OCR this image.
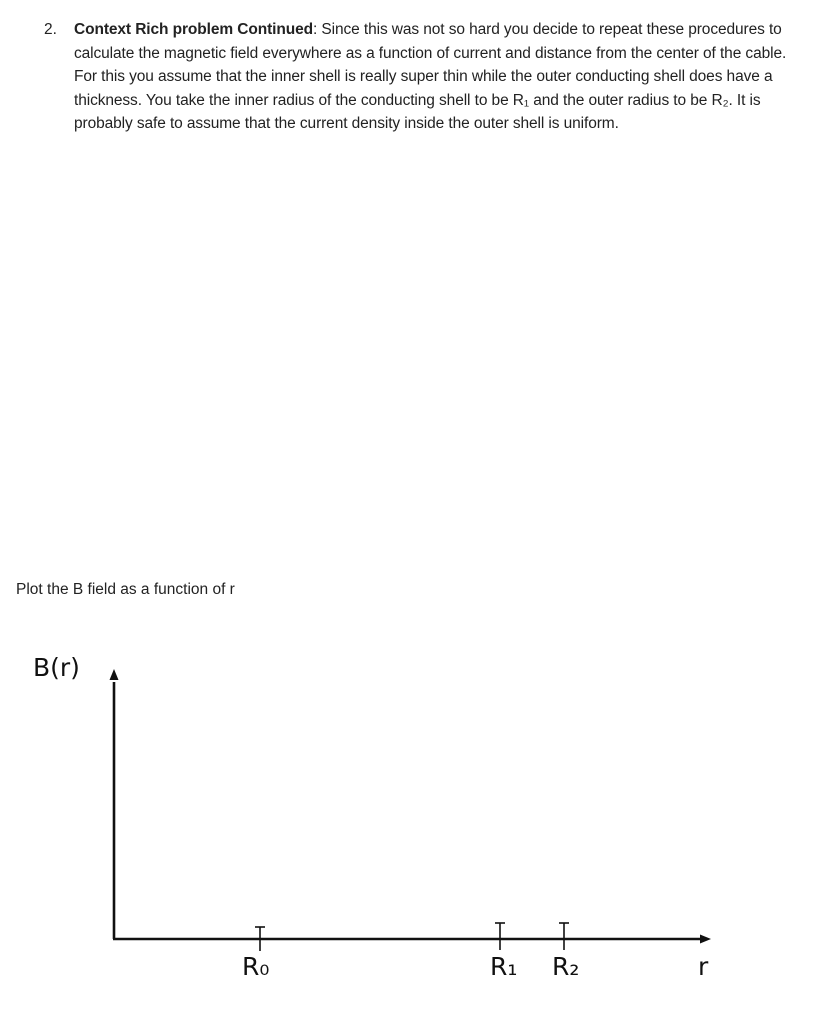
2. Context Rich problem Continued: Since this was not so hard you decide to repeat these procedures to calculate the magnetic field everywhere as a function of current and distance from the center of the cable. For this you assume that the inner shell is really super thin while the outer conducting shell does have a thickness. You take the inner radius of the conducting shell to be R₁ and the outer radius to be R₂. It is probably safe to assume that the current density inside the outer shell is uniform.
Plot the B field as a function of r
B(r)
R₀	R₁ R₂	r
